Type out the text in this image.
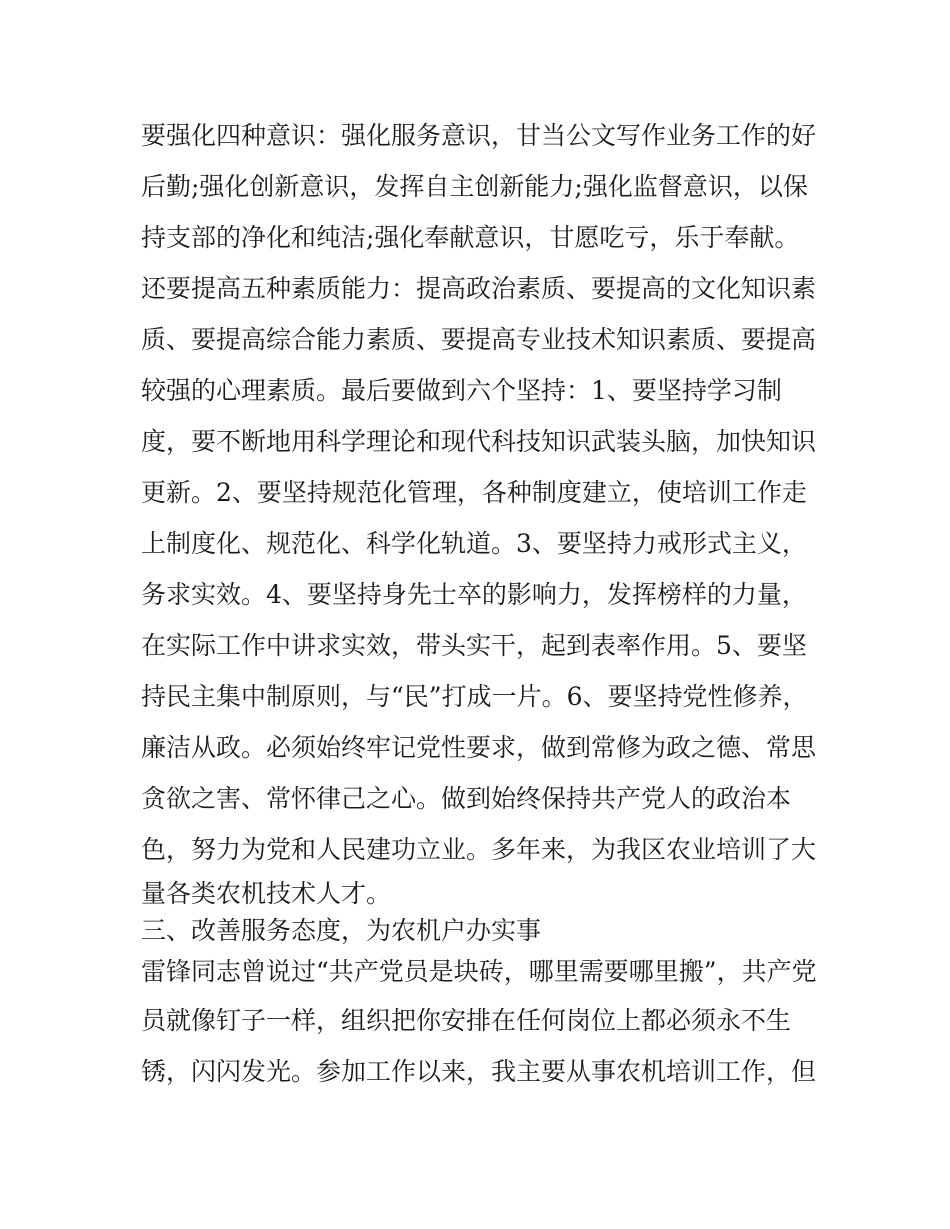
要强化四种意识：强化服务意识，甘当公文写作业务工作的好
后勤;强化创新意识，发挥自主创新能力;强化监督意识，以保
持支部的净化和纯洁;强化奉献意识，甘愿吃亏，乐于奉献。
还要提高五种素质能力：提高政治素质、要提高的文化知识素
质、要提高综合能力素质、要提高专业技术知识素质、要提高
较强的心理素质。最后要做到六个坚持：1、要坚持学习制
度，要不断地用科学理论和现代科技知识武装头脑，加快知识
更新。2、要坚持规范化管理，各种制度建立，使培训工作走
上制度化、规范化、科学化轨道。3、要坚持力戒形式主义，
务求实效。4、要坚持身先士卒的影响力，发挥榜样的力量，
在实际工作中讲求实效，带头实干，起到表率作用。5、要坚
持民主集中制原则，与“民”打成一片。6、要坚持党性修养，
廉洁从政。必须始终牢记党性要求，做到常修为政之德、常思
贪欲之害、常怀律己之心。做到始终保持共产党人的政治本
色，努力为党和人民建功立业。多年来，为我区农业培训了大
量各类农机技术人才。
三、改善服务态度，为农机户办实事
雷锋同志曾说过“共产党员是块砖，哪里需要哪里搬”，共产党
员就像钉子一样，组织把你安排在任何岗位上都必须永不生
锈，闪闪发光。参加工作以来，我主要从事农机培训工作，但
